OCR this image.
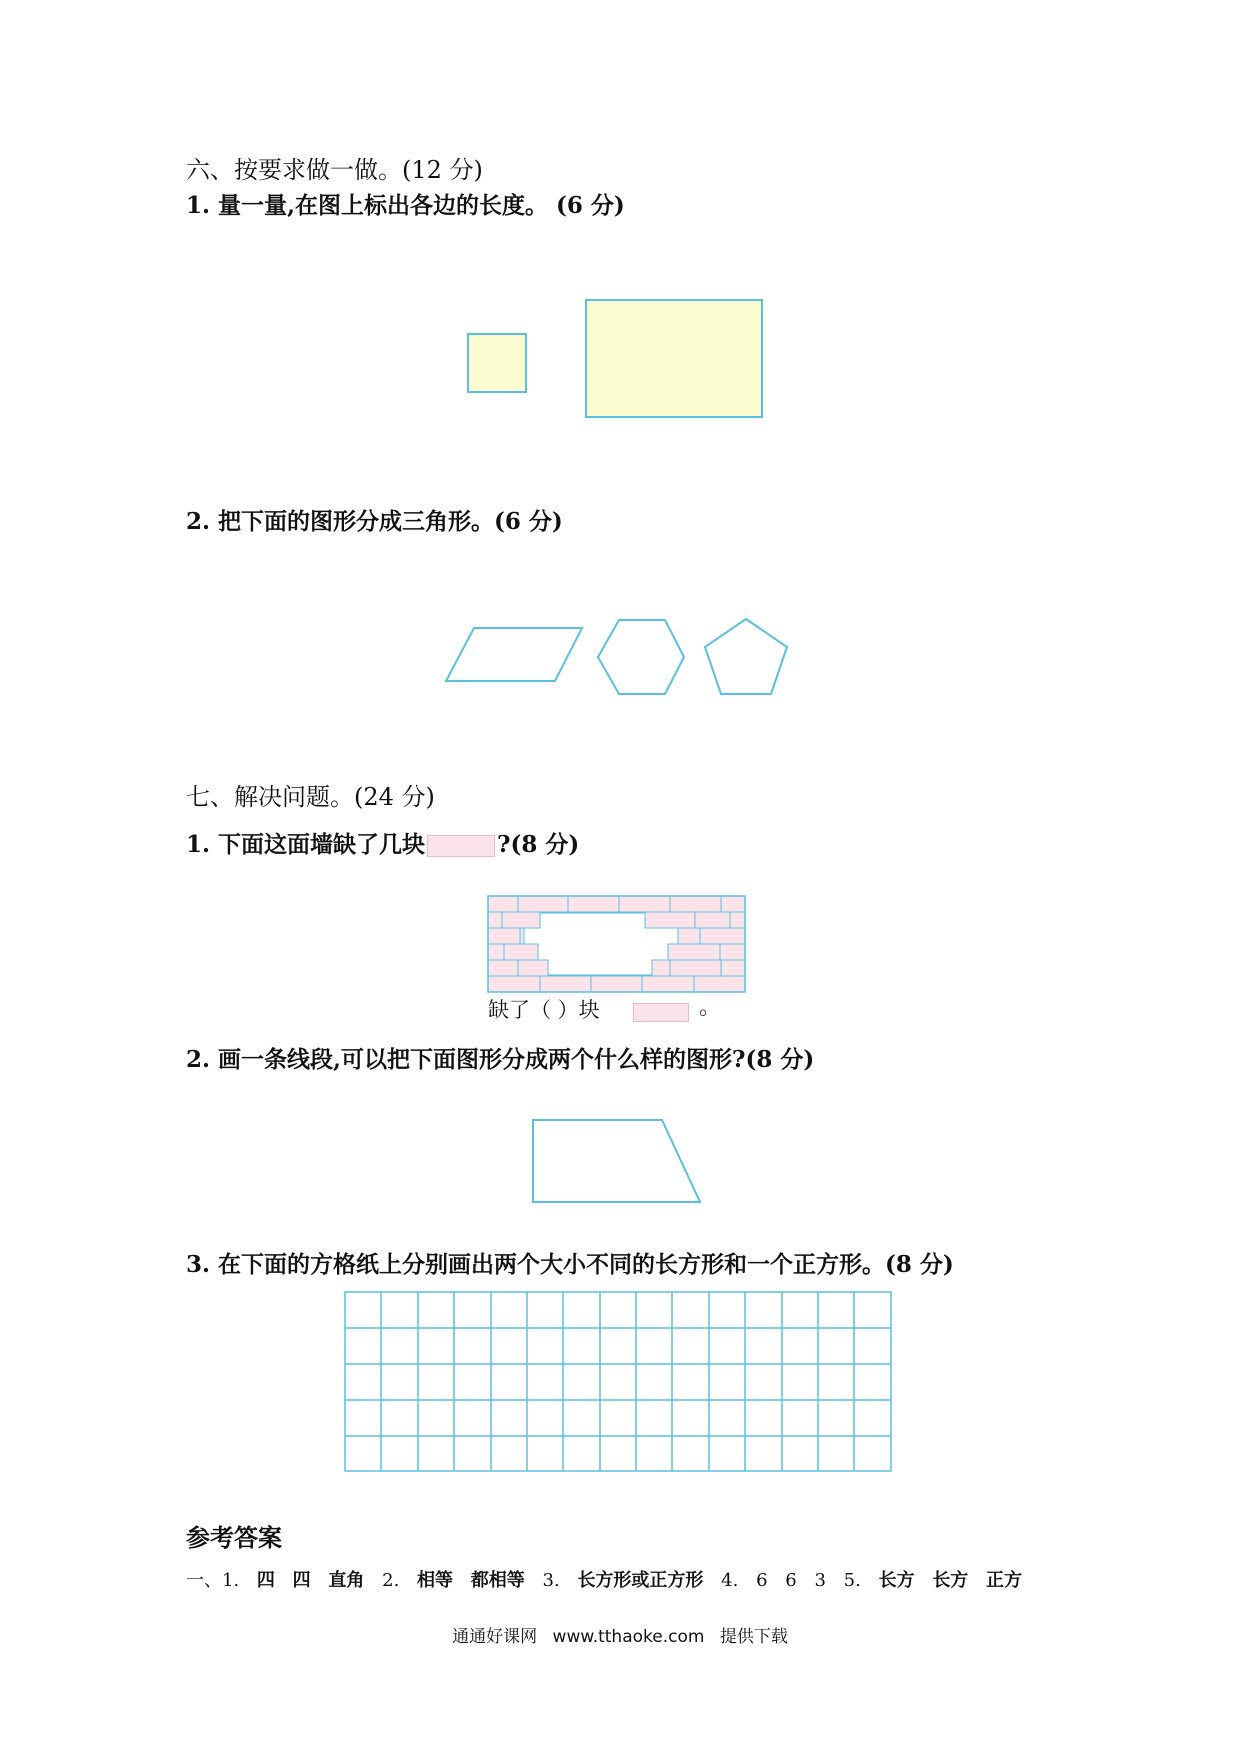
六、按要求做一做。(12 分)
1. 量一量,在图上标出各边的长度。 (6 分)
2. 把下面的图形分成三角形。(6 分)
七、解决问题。(24 分)
1. 下面这面墙缺了几块	?(8 分)
缺了（ ）块	。
2. 画一条线段,可以把下面图形分成两个什么样的图形?(8 分)
3. 在下面的方格纸上分别画出两个大小不同的长方形和一个正方形。(8 分)
参考答案
一、1. 四 四 直角 2. 相等 都相等 3. 长方形或正方形 4. 6 6 3 5. 长方 长方 正方
通通好课网 www.tthaoke.com 提供下载
